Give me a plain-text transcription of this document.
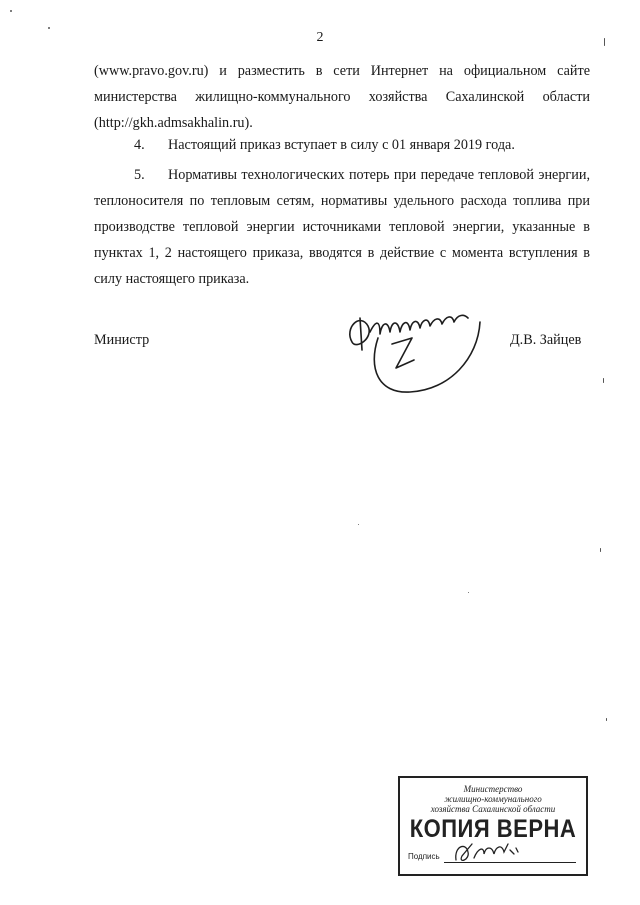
2
(www.pravo.gov.ru) и разместить в сети Интернет на официальном сайте министерства жилищно-коммунального хозяйства Сахалинской области (http://gkh.admsakhalin.ru).
4. Настоящий приказ вступает в силу с 01 января 2019 года.
5. Нормативы технологических потерь при передаче тепловой энергии, теплоносителя по тепловым сетям, нормативы удельного расхода топлива при производстве тепловой энергии источниками тепловой энергии, указанные в пунктах 1, 2 настоящего приказа, вводятся в действие с момента вступления в силу настоящего приказа.
Министр	Д.В. Зайцев
Министерство
жилищно-коммунального
хозяйства Сахалинской области
КОПИЯ ВЕРНА
Подпись
